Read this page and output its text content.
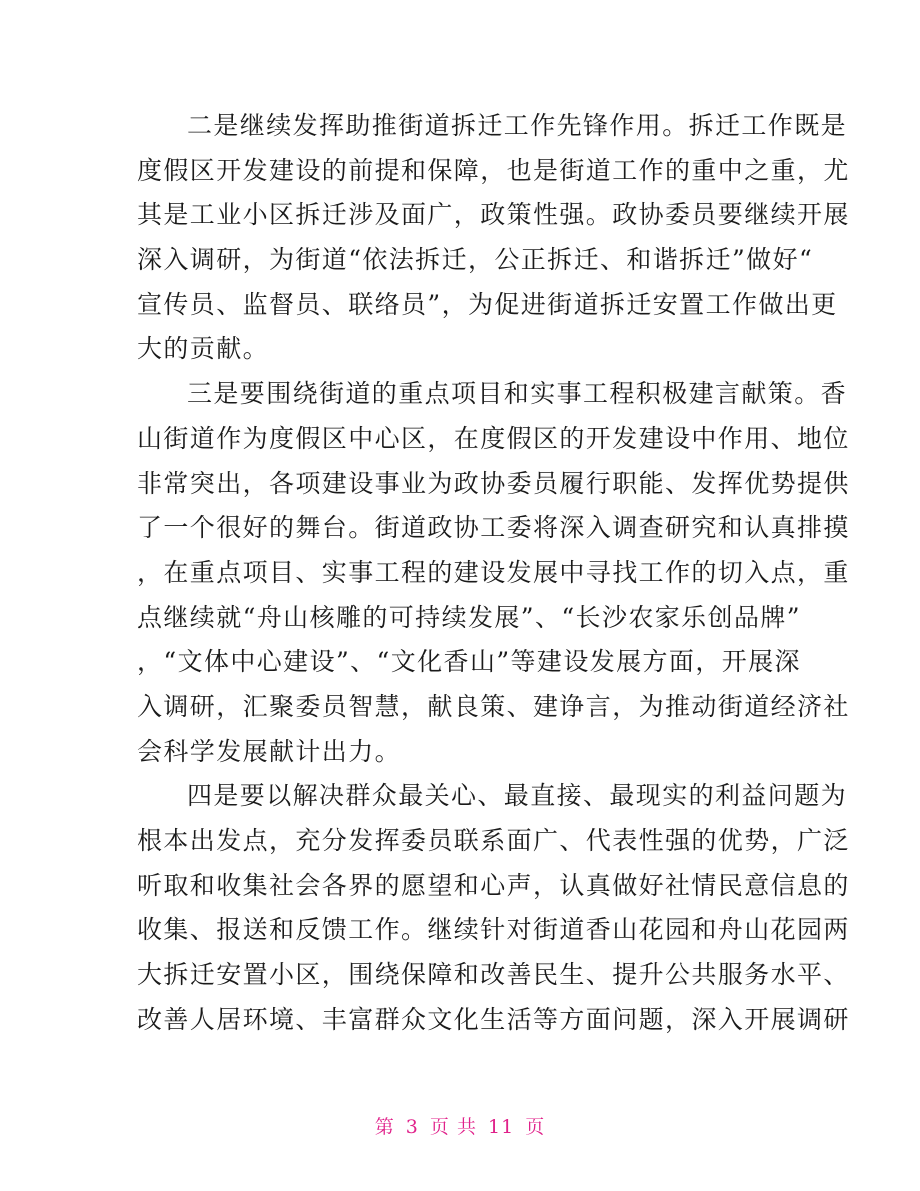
二是继续发挥助推街道拆迁工作先锋作用。拆迁工作既是
度假区开发建设的前提和保障，也是街道工作的重中之重，尤
其是工业小区拆迁涉及面广，政策性强。政协委员要继续开展
深入调研，为街道“依法拆迁，公正拆迁、和谐拆迁”做好“
宣传员、监督员、联络员”，为促进街道拆迁安置工作做出更
大的贡献。
三是要围绕街道的重点项目和实事工程积极建言献策。香
山街道作为度假区中心区，在度假区的开发建设中作用、地位
非常突出，各项建设事业为政协委员履行职能、发挥优势提供
了一个很好的舞台。街道政协工委将深入调查研究和认真排摸
，在重点项目、实事工程的建设发展中寻找工作的切入点，重
点继续就“舟山核雕的可持续发展”、“长沙农家乐创品牌”
，“文体中心建设”、“文化香山”等建设发展方面，开展深
入调研，汇聚委员智慧，献良策、建诤言，为推动街道经济社
会科学发展献计出力。
四是要以解决群众最关心、最直接、最现实的利益问题为
根本出发点，充分发挥委员联系面广、代表性强的优势，广泛
听取和收集社会各界的愿望和心声，认真做好社情民意信息的
收集、报送和反馈工作。继续针对街道香山花园和舟山花园两
大拆迁安置小区，围绕保障和改善民生、提升公共服务水平、
改善人居环境、丰富群众文化生活等方面问题，深入开展调研
第 3 页 共 11 页
